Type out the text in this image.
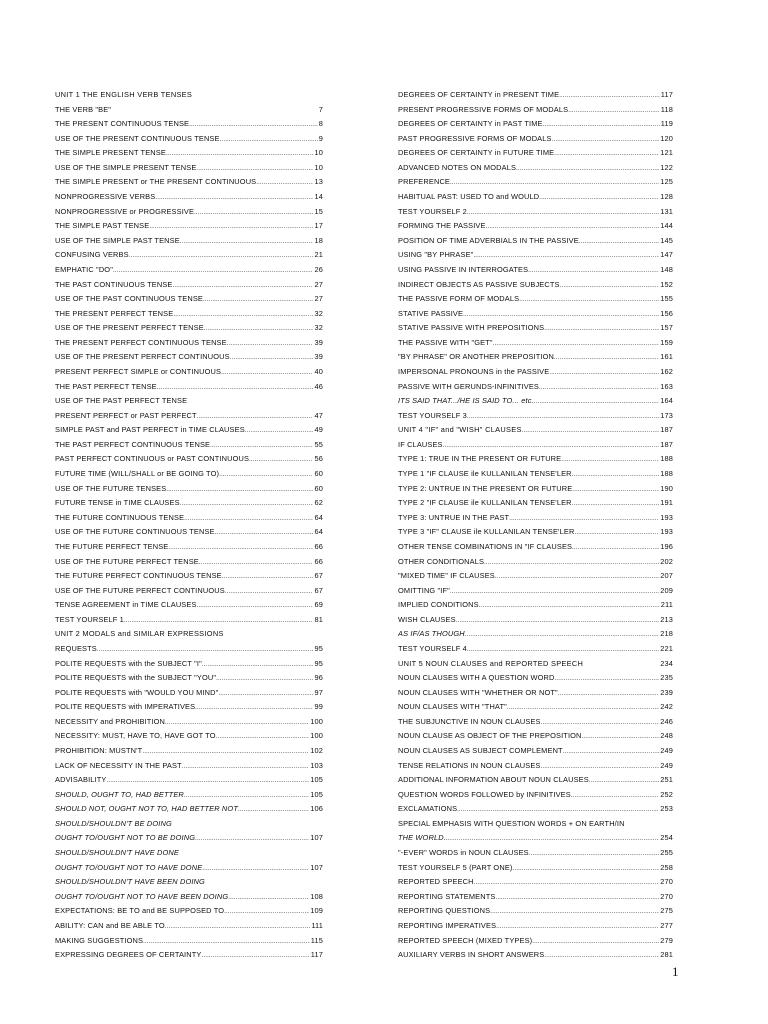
UNIT 1 THE ENGLISH VERB TENSES
THE VERB "BE"	7
THE PRESENT CONTINUOUS TENSE .....	8
USE OF THE PRESENT CONTINUOUS TENSE .....	9
THE SIMPLE PRESENT TENSE .....	10
USE OF THE SIMPLE PRESENT TENSE .....	10
THE SIMPLE PRESENT or THE PRESENT CONTINUOUS .....	13
NONPROGRESSIVE VERBS .....	14
NONPROGRESSIVE or PROGRESSIVE .....	15
THE SIMPLE PAST TENSE .....	17
USE OF THE SIMPLE PAST TENSE .....	18
CONFUSING VERBS .....	21
EMPHATIC "DO" .....	26
THE PAST CONTINUOUS TENSE .....	27
USE OF THE PAST CONTINUOUS TENSE .....	27
THE PRESENT PERFECT TENSE .....	32
USE OF THE PRESENT PERFECT TENSE .....	32
THE PRESENT PERFECT CONTINUOUS TENSE .....	39
USE OF THE PRESENT PERFECT CONTINUOUS .....	39
PRESENT PERFECT SIMPLE or CONTINUOUS .....	40
THE PAST PERFECT TENSE .....	46
USE OF THE PAST PERFECT TENSE
PRESENT PERFECT or PAST PERFECT .....	47
SIMPLE PAST and PAST PERFECT in TIME CLAUSES .....	49
THE PAST PERFECT CONTINUOUS TENSE .....	55
PAST PERFECT CONTINUOUS or PAST CONTINUOUS .....	56
FUTURE TIME (WILL/SHALL or BE GOING TO) .....	60
USE OF THE FUTURE TENSES .....	60
FUTURE TENSE in TIME CLAUSES .....	62
THE FUTURE CONTINUOUS TENSE .....	64
USE OF THE FUTURE CONTINUOUS TENSE .....	64
THE FUTURE PERFECT TENSE .....	66
USE OF THE FUTURE PERFECT TENSE .....	66
THE FUTURE PERFECT CONTINUOUS TENSE .....	67
USE OF THE FUTURE PERFECT CONTINUOUS .....	67
TENSE AGREEMENT in TIME CLAUSES .....	69
TEST YOURSELF 1 .....	81
UNIT 2 MODALS and SIMILAR EXPRESSIONS
REQUESTS .....	95
POLITE REQUESTS with the SUBJECT "I" .....	95
POLITE REQUESTS with the SUBJECT "YOU" .....	96
POLITE REQUESTS with "WOULD YOU MIND" .....	97
POLITE REQUESTS with IMPERATIVES .....	99
NECESSITY and PROHIBITION .....	100
NECESSITY: MUST, HAVE TO, HAVE GOT TO .....	100
PROHIBITION: MUSTN'T .....	102
LACK OF NECESSITY IN THE PAST .....	103
ADVISABILITY .....	105
SHOULD, OUGHT TO, HAD BETTER .....	105
SHOULD NOT, OUGHT NOT TO, HAD BETTER NOT .....	106
SHOULD/SHOULDN'T BE DOING
OUGHT TO/OUGHT NOT TO BE DOING .....	107
SHOULD/SHOULDN'T HAVE DONE
OUGHT TO/OUGHT NOT TO HAVE DONE .....	107
SHOULD/SHOULDN'T HAVE BEEN DOING
OUGHT TO/OUGHT NOT TO HAVE BEEN DOING .....	108
EXPECTATIONS: BE TO and BE SUPPOSED TO .....	109
ABILITY: CAN and BE ABLE TO .....	111
MAKING SUGGESTIONS .....	115
EXPRESSING DEGREES OF CERTAINTY .....	117
DEGREES OF CERTAINTY in PRESENT TIME .....	117
PRESENT PROGRESSIVE FORMS OF MODALS .....	118
DEGREES OF CERTAINTY in PAST TIME .....	119
PAST PROGRESSIVE FORMS OF MODALS .....	120
DEGREES OF CERTAINTY in FUTURE TIME .....	121
ADVANCED NOTES ON MODALS .....	122
PREFERENCE .....	125
HABITUAL PAST: USED TO and WOULD .....	128
TEST YOURSELF 2 .....	131
FORMING THE PASSIVE .....	144
POSITION OF TIME ADVERBIALS IN THE PASSIVE .....	145
USING "BY PHRASE" .....	147
USING PASSIVE IN INTERROGATES .....	148
INDIRECT OBJECTS AS PASSIVE SUBJECTS .....	152
THE PASSIVE FORM OF MODALS .....	155
STATIVE PASSIVE .....	156
STATIVE PASSIVE WITH PREPOSITIONS .....	157
THE PASSIVE WITH "GET" .....	159
"BY PHRASE" OR ANOTHER PREPOSITION .....	161
IMPERSONAL PRONOUNS in the PASSIVE .....	162
PASSIVE WITH GERUNDS-INFINITIVES .....	163
ITS SAID THAT.../HE IS SAID TO... etc. .....	164
TEST YOURSELF 3 .....	173
UNIT 4 "IF" and "WISH" CLAUSES .....	187
IF CLAUSES .....	187
TYPE 1: TRUE IN THE PRESENT OR FUTURE .....	188
TYPE 1 "IF CLAUSE ile KULLANILAN TENSE'LER .....	188
TYPE 2: UNTRUE IN THE PRESENT OR FUTURE .....	190
TYPE 2 "IF CLAUSE ile KULLANILAN TENSE'LER .....	191
TYPE 3: UNTRUE IN THE PAST .....	193
TYPE 3 "IF" CLAUSE ile KULLANILAN TENSE'LER .....	193
OTHER TENSE COMBINATIONS IN "IF CLAUSES .....	196
OTHER CONDITIONALS .....	202
"MIXED TIME" IF CLAUSES .....	207
OMITTING "IF" .....	209
IMPLIED CONDITIONS .....	211
WISH CLAUSES .....	213
AS IF/AS THOUGH .....	218
TEST YOURSELF 4 .....	221
UNIT 5 NOUN CLAUSES and REPORTED SPEECH	234
NOUN CLAUSES WITH A QUESTION WORD .....	235
NOUN CLAUSES WITH "WHETHER OR NOT" .....	239
NOUN CLAUSES WITH "THAT" .....	242
THE SUBJUNCTIVE IN NOUN CLAUSES .....	246
NOUN CLAUSE AS OBJECT OF THE PREPOSITION .....	248
NOUN CLAUSES AS SUBJECT COMPLEMENT .....	249
TENSE RELATIONS IN NOUN CLAUSES .....	249
ADDITIONAL INFORMATION ABOUT NOUN CLAUSES .....	251
QUESTION WORDS FOLLOWED by INFINITIVES .....	252
EXCLAMATIONS .....	253
SPECIAL EMPHASIS WITH QUESTION WORDS + ON EARTH/IN
THE WORLD .....	254
"-EVER" WORDS in NOUN CLAUSES .....	255
TEST YOURSELF 5 (PART ONE) .....	258
REPORTED SPEECH .....	270
REPORTING STATEMENTS .....	270
REPORTING QUESTIONS .....	275
REPORTING IMPERATIVES .....	277
REPORTED SPEECH (MIXED TYPES) .....	279
AUXILIARY VERBS IN SHORT ANSWERS .....	281
1
